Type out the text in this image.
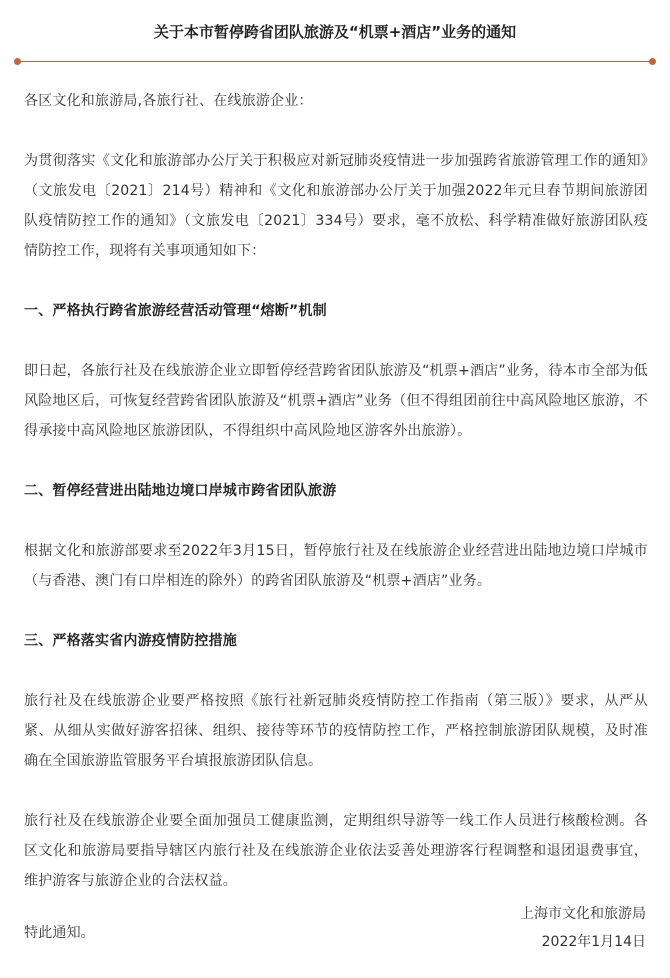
关于本市暂停跨省团队旅游及“机票+酒店”业务的通知

各区文化和旅游局,各旅行社、在线旅游企业：

为贯彻落实《文化和旅游部办公厅关于积极应对新冠肺炎疫情进一步加强跨省旅游管理工作的通知》（文旅发电〔2021〕214号）精神和《文化和旅游部办公厅关于加强2022年元旦春节期间旅游团队疫情防控工作的通知》（文旅发电〔2021〕334号）要求，毫不放松、科学精准做好旅游团队疫情防控工作，现将有关事项通知如下：

一、严格执行跨省旅游经营活动管理“熔断”机制

即日起，各旅行社及在线旅游企业立即暂停经营跨省团队旅游及“机票+酒店”业务，待本市全部为低风险地区后，可恢复经营跨省团队旅游及“机票+酒店”业务（但不得组团前往中高风险地区旅游，不得承接中高风险地区旅游团队，不得组织中高风险地区游客外出旅游）。

二、暂停经营进出陆地边境口岸城市跨省团队旅游

根据文化和旅游部要求至2022年3月15日，暂停旅行社及在线旅游企业经营进出陆地边境口岸城市（与香港、澳门有口岸相连的除外）的跨省团队旅游及“机票+酒店”业务。

三、严格落实省内游疫情防控措施

旅行社及在线旅游企业要严格按照《旅行社新冠肺炎疫情防控工作指南（第三版）》要求，从严从紧、从细从实做好游客招徕、组织、接待等环节的疫情防控工作，严格控制旅游团队规模，及时准确在全国旅游监管服务平台填报旅游团队信息。

旅行社及在线旅游企业要全面加强员工健康监测，定期组织导游等一线工作人员进行核酸检测。各区文化和旅游局要指导辖区内旅行社及在线旅游企业依法妥善处理游客行程调整和退团退费事宜，维护游客与旅游企业的合法权益。

特此通知。

上海市文化和旅游局
2022年1月14日
